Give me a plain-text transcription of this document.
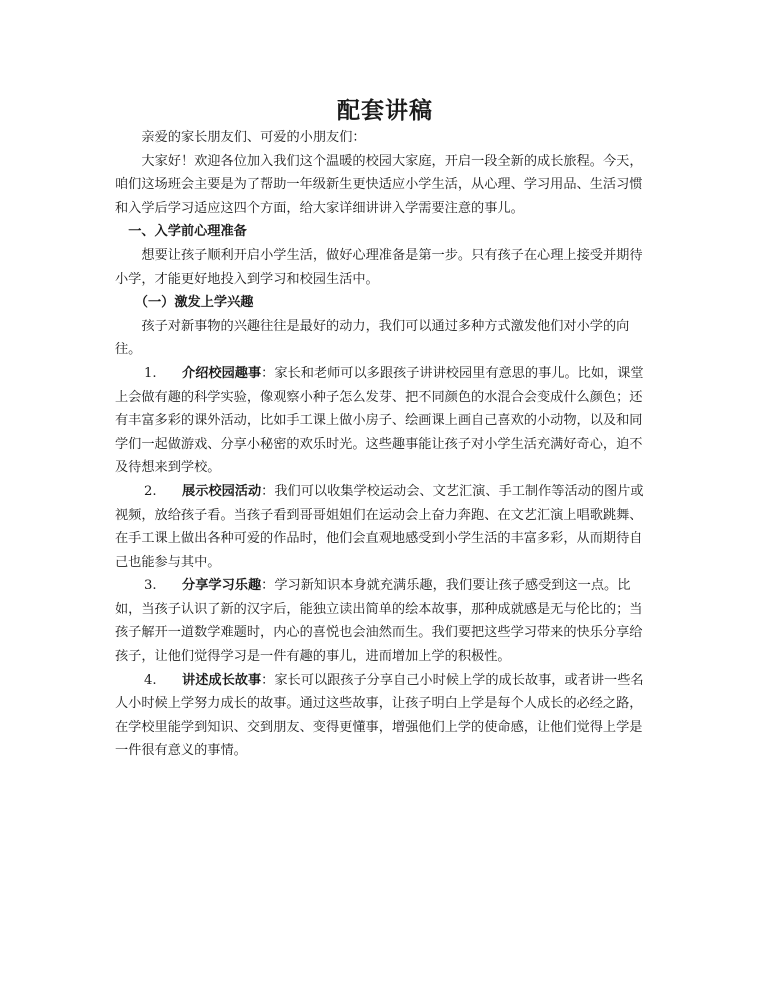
配套讲稿

亲爱的家长朋友们、可爱的小朋友们：

大家好！欢迎各位加入我们这个温暖的校园大家庭，开启一段全新的成长旅程。今天，咱们这场班会主要是为了帮助一年级新生更快适应小学生活，从心理、学习用品、生活习惯和入学后学习适应这四个方面，给大家详细讲讲入学需要注意的事儿。

一、入学前心理准备

想要让孩子顺利开启小学生活，做好心理准备是第一步。只有孩子在心理上接受并期待小学，才能更好地投入到学习和校园生活中。

（一）激发上学兴趣

孩子对新事物的兴趣往往是最好的动力，我们可以通过多种方式激发他们对小学的向往。

1. 介绍校园趣事：家长和老师可以多跟孩子讲讲校园里有意思的事儿。比如，课堂上会做有趣的科学实验，像观察小种子怎么发芽、把不同颜色的水混合会变成什么颜色；还有丰富多彩的课外活动，比如手工课上做小房子、绘画课上画自己喜欢的小动物，以及和同学们一起做游戏、分享小秘密的欢乐时光。这些趣事能让孩子对小学生活充满好奇心，迫不及待想来到学校。

2. 展示校园活动：我们可以收集学校运动会、文艺汇演、手工制作等活动的图片或视频，放给孩子看。当孩子看到哥哥姐姐们在运动会上奋力奔跑、在文艺汇演上唱歌跳舞、在手工课上做出各种可爱的作品时，他们会直观地感受到小学生活的丰富多彩，从而期待自己也能参与其中。

3. 分享学习乐趣：学习新知识本身就充满乐趣，我们要让孩子感受到这一点。比如，当孩子认识了新的汉字后，能独立读出简单的绘本故事，那种成就感是无与伦比的；当孩子解开一道数学难题时，内心的喜悦也会油然而生。我们要把这些学习带来的快乐分享给孩子，让他们觉得学习是一件有趣的事儿，进而增加上学的积极性。

4. 讲述成长故事：家长可以跟孩子分享自己小时候上学的成长故事，或者讲一些名人小时候上学努力成长的故事。通过这些故事，让孩子明白上学是每个人成长的必经之路，在学校里能学到知识、交到朋友、变得更懂事，增强他们上学的使命感，让他们觉得上学是一件很有意义的事情。
